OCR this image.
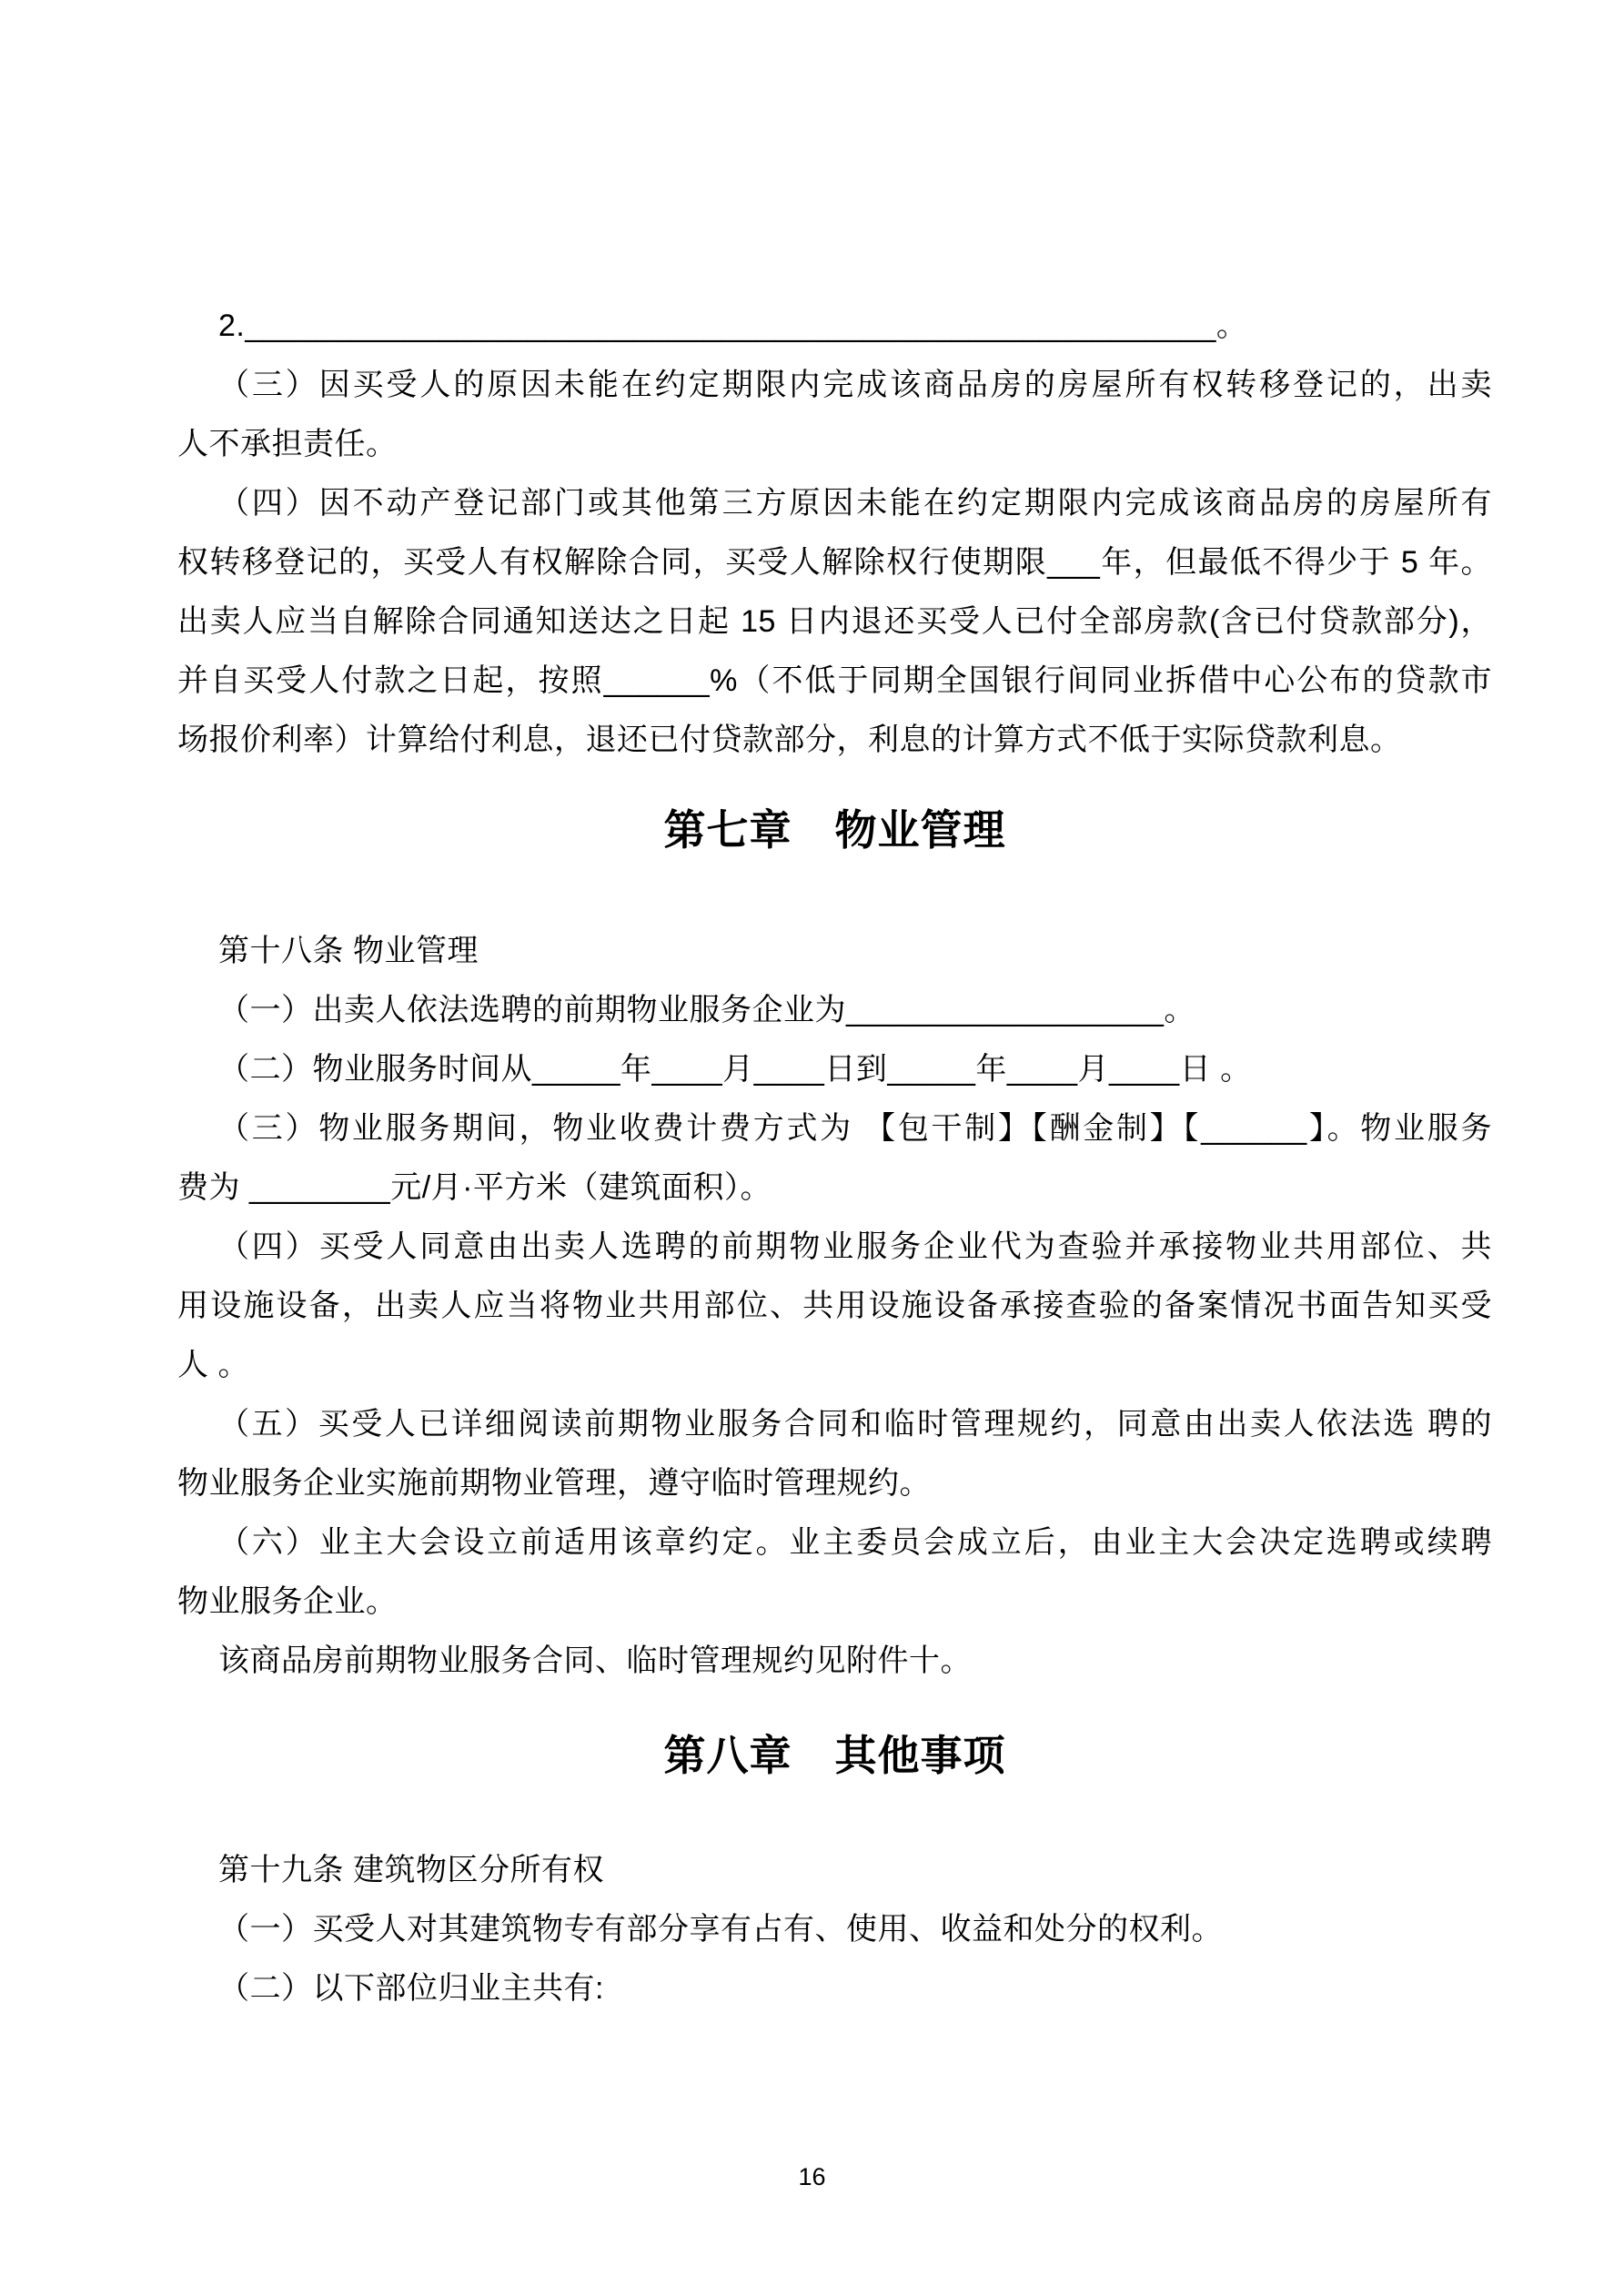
2._______________________________________________________。
（三）因买受人的原因未能在约定期限内完成该商品房的房屋所有权转移登记的，出卖
人不承担责任。
（四）因不动产登记部门或其他第三方原因未能在约定期限内完成该商品房的房屋所有
权转移登记的，买受人有权解除合同，买受人解除权行使期限___年，但最低不得少于 5 年。
出卖人应当自解除合同通知送达之日起 15 日内退还买受人已付全部房款(含已付贷款部分)，
并自买受人付款之日起，按照______%（不低于同期全国银行间同业拆借中心公布的贷款市
场报价利率）计算给付利息，退还已付贷款部分，利息的计算方式不低于实际贷款利息。
第七章　物业管理
第十八条 物业管理
（一）出卖人依法选聘的前期物业服务企业为__________________。
（二）物业服务时间从_____年____月____日到_____年____月____日 。
（三）物业服务期间，物业收费计费方式为 【包干制】【酬金制】【______】。物业服务
费为 ________元/月·平方米（建筑面积）。
（四）买受人同意由出卖人选聘的前期物业服务企业代为查验并承接物业共用部位、共
用设施设备，出卖人应当将物业共用部位、共用设施设备承接查验的备案情况书面告知买受
人 。
（五）买受人已详细阅读前期物业服务合同和临时管理规约，同意由出卖人依法选 聘的
物业服务企业实施前期物业管理，遵守临时管理规约。
（六）业主大会设立前适用该章约定。业主委员会成立后，由业主大会决定选聘或续聘
物业服务企业。
该商品房前期物业服务合同、临时管理规约见附件十。
第八章　其他事项
第十九条 建筑物区分所有权
（一）买受人对其建筑物专有部分享有占有、使用、收益和处分的权利。
（二）以下部位归业主共有:
16
